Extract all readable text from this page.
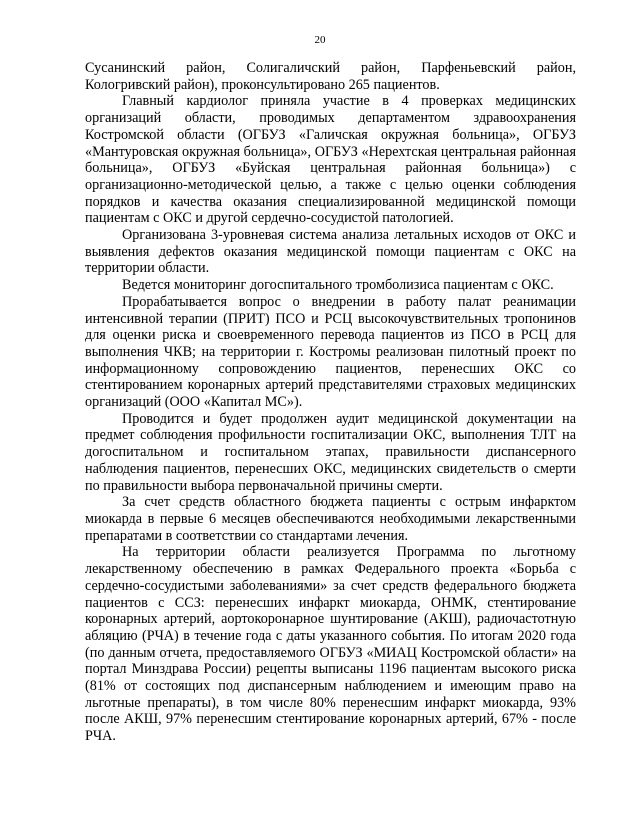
20

Сусанинский район, Солигаличский район, Парфеньевский район, Кологривский район), проконсультировано 265 пациентов.

Главный кардиолог приняла участие в 4 проверках медицинских организаций области, проводимых департаментом здравоохранения Костромской области (ОГБУЗ «Галичская окружная больница», ОГБУЗ «Мантуровская окружная больница», ОГБУЗ «Нерехтская центральная районная больница», ОГБУЗ «Буйская центральная районная больница») с организационно-методической целью, а также с целью оценки соблюдения порядков и качества оказания специализированной медицинской помощи пациентам с ОКС и другой сердечно-сосудистой патологией.

Организована 3-уровневая система анализа летальных исходов от ОКС и выявления дефектов оказания медицинской помощи пациентам с ОКС на территории области.

Ведется мониторинг догоспитального тромболизиса пациентам с ОКС.

Прорабатывается вопрос о внедрении в работу палат реанимации интенсивной терапии (ПРИТ) ПСО и РСЦ высокочувствительных тропонинов для оценки риска и своевременного перевода пациентов из ПСО в РСЦ для выполнения ЧКВ; на территории г. Костромы реализован пилотный проект по информационному сопровождению пациентов, перенесших ОКС со стентированием коронарных артерий представителями страховых медицинских организаций (ООО «Капитал МС»).

Проводится и будет продолжен аудит медицинской документации на предмет соблюдения профильности госпитализации ОКС, выполнения ТЛТ на догоспитальном и госпитальном этапах, правильности диспансерного наблюдения пациентов, перенесших ОКС, медицинских свидетельств о смерти по правильности выбора первоначальной причины смерти.

За счет средств областного бюджета пациенты с острым инфарктом миокарда в первые 6 месяцев обеспечиваются необходимыми лекарственными препаратами в соответствии со стандартами лечения.

На территории области реализуется Программа по льготному лекарственному обеспечению в рамках Федерального проекта «Борьба с сердечно-сосудистыми заболеваниями» за счет средств федерального бюджета пациентов с ССЗ: перенесших инфаркт миокарда, ОНМК, стентирование коронарных артерий, аортокоронарное шунтирование (АКШ), радиочастотную абляцию (РЧА) в течение года с даты указанного события. По итогам 2020 года (по данным отчета, предоставляемого ОГБУЗ «МИАЦ Костромской области» на портал Минздрава России) рецепты выписаны 1196 пациентам высокого риска (81% от состоящих под диспансерным наблюдением и имеющим право на льготные препараты), в том числе 80% перенесшим инфаркт миокарда, 93% после АКШ, 97% перенесшим стентирование коронарных артерий, 67% - после РЧА.
